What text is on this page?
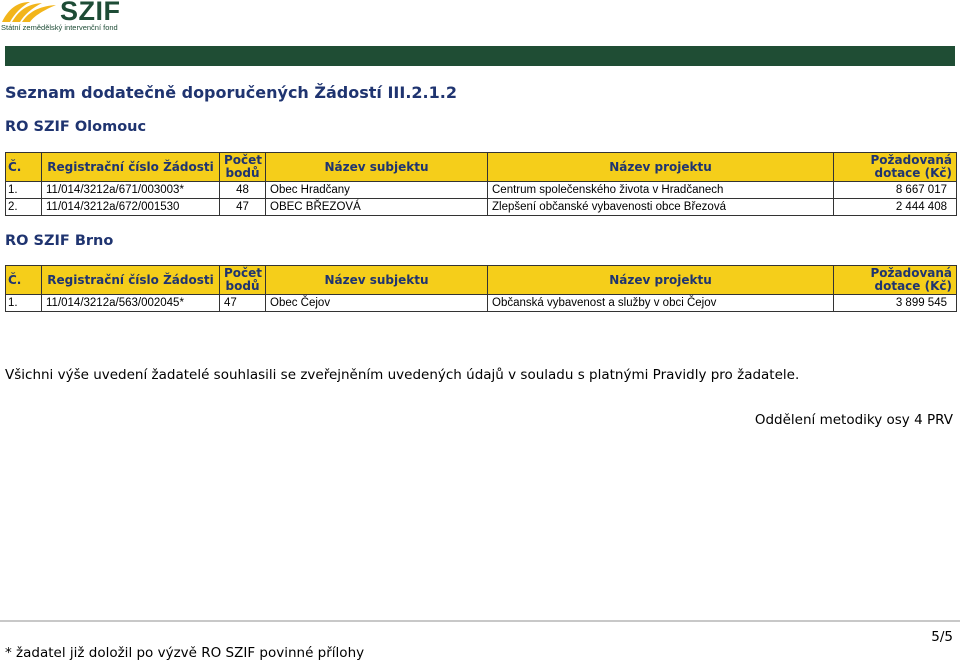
SZIF
Státní zemědělský intervenční fond
Seznam dodatečně doporučených Žádostí III.2.1.2
RO SZIF Olomouc
Č.	Registrační číslo Žádosti	Počet bodů	Název subjektu	Název projektu	Požadovaná dotace (Kč)
1.	11/014/3212a/671/003003*	48	Obec Hradčany	Centrum společenského života v Hradčanech	8 667 017
2.	11/014/3212a/672/001530	47	OBEC BŘEZOVÁ	Zlepšení občanské vybavenosti obce Březová	2 444 408
RO SZIF Brno
Č.	Registrační číslo Žádosti	Počet bodů	Název subjektu	Název projektu	Požadovaná dotace (Kč)
1.	11/014/3212a/563/002045*	47	Obec Čejov	Občanská vybavenost a služby v obci Čejov	3 899 545

Všichni výše uvedení žadatelé souhlasili se zveřejněním uvedených údajů v souladu s platnými Pravidly pro žadatele.

Oddělení metodiky osy 4 PRV

5/5

* žadatel již doložil po výzvě RO SZIF povinné přílohy
